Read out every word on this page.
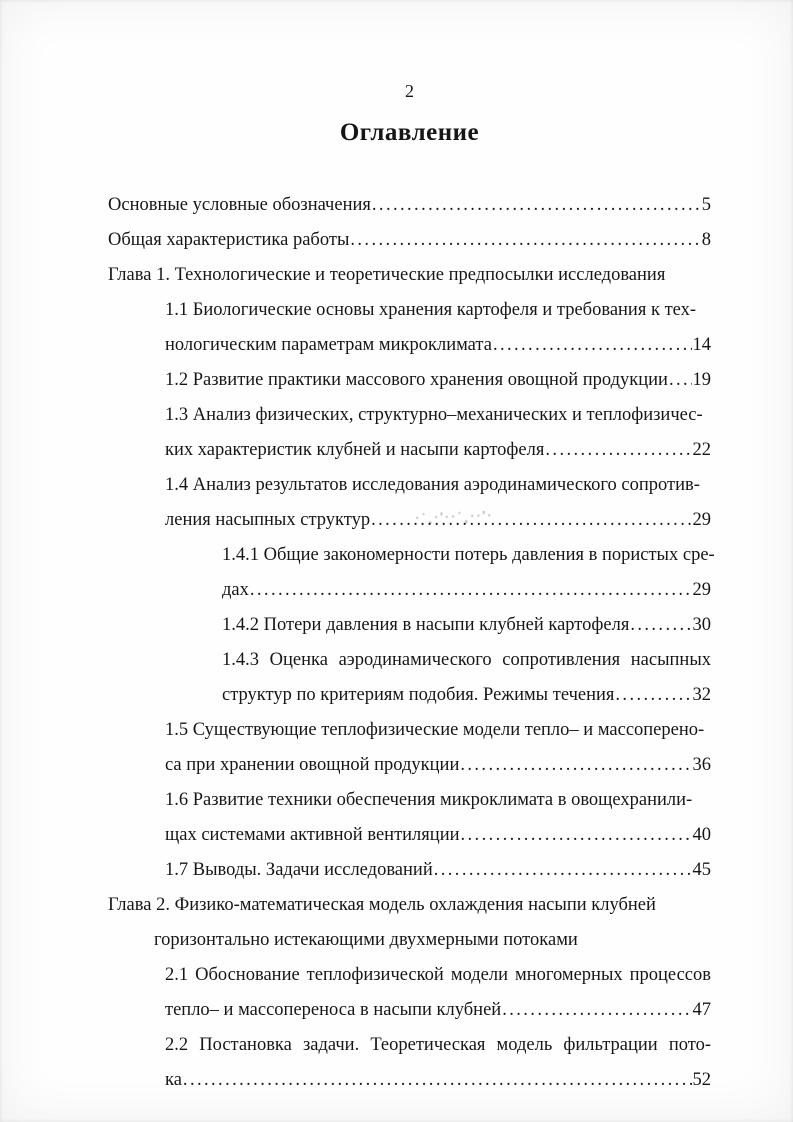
2
Оглавление
Основные условные обозначения .....	5
Общая характеристика работы .....	8
Глава 1. Технологические и теоретические предпосылки исследования
1.1 Биологические основы хранения картофеля и требования к тех-
нологическим параметрам микроклимата .....	14
1.2 Развитие практики массового хранения овощной продукции ..... 19
1.3 Анализ физических, структурно–механических и теплофизичес-
ких характеристик клубней и насыпи картофеля .....	22
1.4 Анализ результатов исследования аэродинамического сопротив-
ления насыпных структур .....	29
1.4.1 Общие закономерности потерь давления в пористых сре-
дах .....	29
1.4.2 Потери давления в насыпи клубней картофеля .....	30
1.4.3 Оценка аэродинамического сопротивления насыпных
структур по критериям подобия. Режимы течения .....	32
1.5 Существующие теплофизические модели тепло– и массоперено-
са при хранении овощной продукции .....	36
1.6 Развитие техники обеспечения микроклимата в овощехранили-
щах системами активной вентиляции .....	40
1.7 Выводы. Задачи исследований .....	45
Глава 2. Физико-математическая модель охлаждения насыпи клубней
горизонтально истекающими двухмерными потоками
2.1 Обоснование теплофизической модели многомерных процессов
тепло– и массопереноса в насыпи клубней .....	47
2.2 Постановка задачи. Теоретическая модель фильтрации пото-
ка .....	52
·˙¸·'··˙¸··'·
